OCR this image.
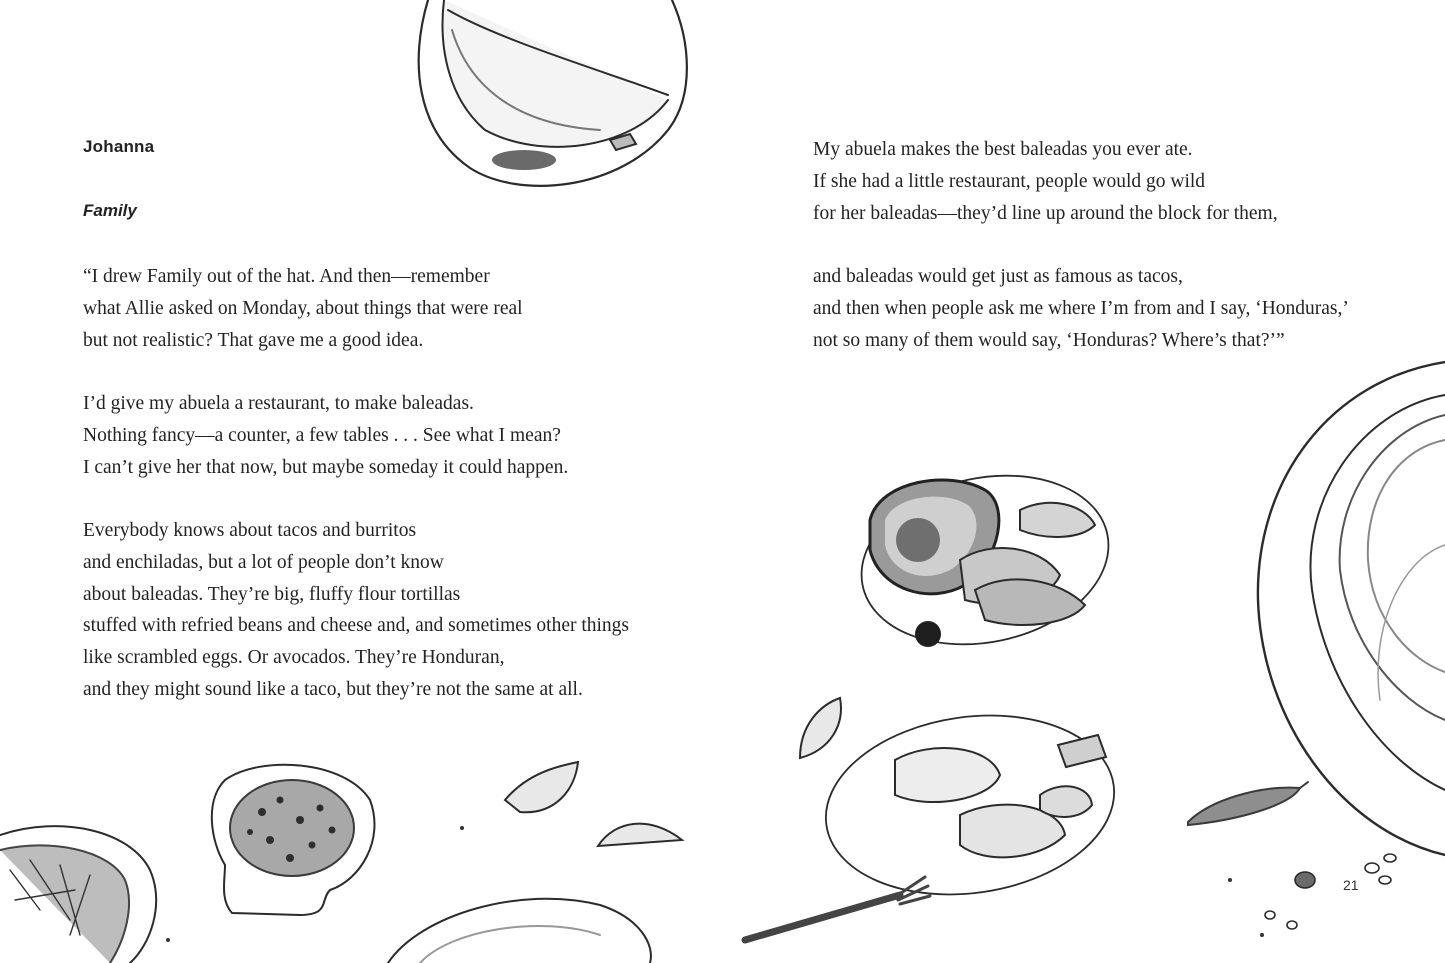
Johanna
Family
“I drew Family out of the hat. And then—remember
what Allie asked on Monday, about things that were real
but not realistic? That gave me a good idea.
I’d give my abuela a restaurant, to make baleadas.
Nothing fancy—a counter, a few tables . . . See what I mean?
I can’t give her that now, but maybe someday it could happen.
Everybody knows about tacos and burritos
and enchiladas, but a lot of people don’t know
about baleadas. They’re big, fluffy flour tortillas
stuffed with refried beans and cheese and, and sometimes other things
like scrambled eggs. Or avocados. They’re Honduran,
and they might sound like a taco, but they’re not the same at all.
My abuela makes the best baleadas you ever ate.
If she had a little restaurant, people would go wild
for her baleadas—they’d line up around the block for them,
and baleadas would get just as famous as tacos,
and then when people ask me where I’m from and I say, ‘Honduras,’
not so many of them would say, ‘Honduras? Where’s that?’”
21
